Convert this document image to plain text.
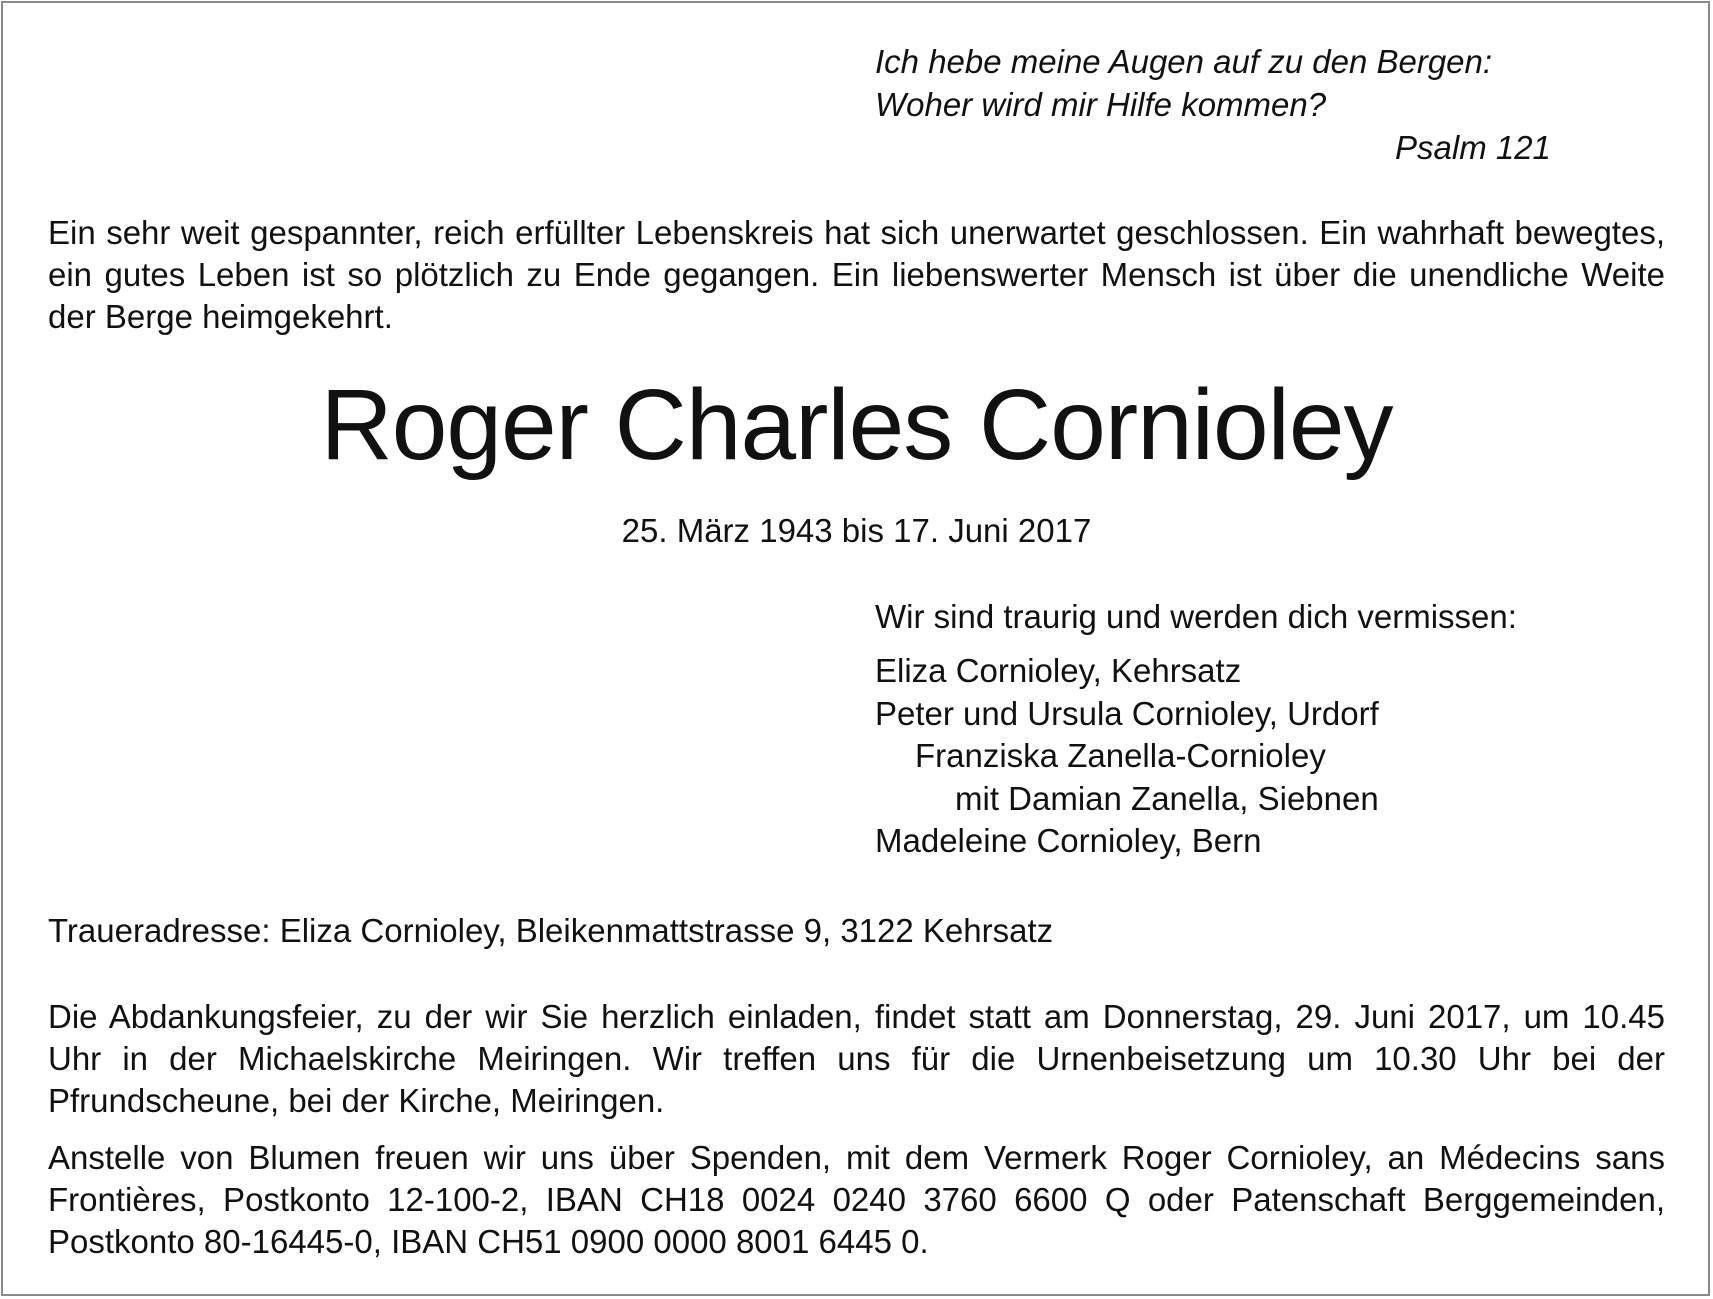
Ich hebe meine Augen auf zu den Bergen:
Woher wird mir Hilfe kommen?
Psalm 121
Ein sehr weit gespannter, reich erfüllter Lebenskreis hat sich unerwartet geschlossen. Ein wahrhaft bewegtes, ein gutes Leben ist so plötzlich zu Ende gegangen. Ein liebenswerter Mensch ist über die unendliche Weite der Berge heimgekehrt.
Roger Charles Cornioley
25. März 1943 bis 17. Juni 2017
Wir sind traurig und werden dich vermissen:
Eliza Cornioley, Kehrsatz
Peter und Ursula Cornioley, Urdorf
Franziska Zanella-Cornioley
mit Damian Zanella, Siebnen
Madeleine Cornioley, Bern
Traueradresse: Eliza Cornioley, Bleikenmattstrasse 9, 3122 Kehrsatz
Die Abdankungsfeier, zu der wir Sie herzlich einladen, findet statt am Donnerstag, 29. Juni 2017, um 10.45 Uhr in der Michaelskirche Meiringen. Wir treffen uns für die Urnenbeisetzung um 10.30 Uhr bei der Pfrundscheune, bei der Kirche, Meiringen.
Anstelle von Blumen freuen wir uns über Spenden, mit dem Vermerk Roger Cornioley, an Médecins sans Frontières, Postkonto 12-100-2, IBAN CH18 0024 0240 3760 6600 Q oder Patenschaft Berggemeinden, Postkonto 80-16445-0, IBAN CH51 0900 0000 8001 6445 0.
